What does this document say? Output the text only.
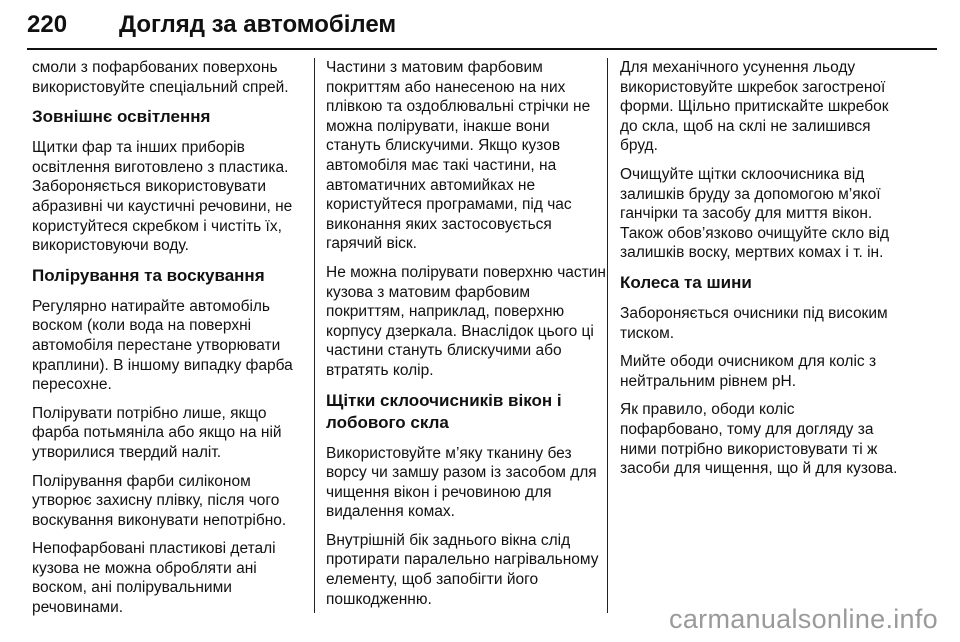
220 Догляд за автомобілем

смоли з пофарбованих поверхонь використовуйте спеціальний спрей.

Зовнішнє освітлення

Щитки фар та інших приборів освітлення виготовлено з пластика. Забороняється використовувати абразивні чи каустичні речовини, не користуйтеся скребком і чистіть їх, використовуючи воду.

Полірування та воскування

Регулярно натирайте автомобіль воском (коли вода на поверхні автомобіля перестане утворювати краплини). В іншому випадку фарба пересохне.

Полірувати потрібно лише, якщо фарба потьмяніла або якщо на ній утворилися твердий наліт.

Полірування фарби силіконом утворює захисну плівку, після чого воскування виконувати непотрібно.

Непофарбовані пластикові деталі кузова не можна обробляти ані воском, ані полірувальними речовинами.

Частини з матовим фарбовим покриттям або нанесеною на них плівкою та оздоблювальні стрічки не можна полірувати, інакше вони стануть блискучими. Якщо кузов автомобіля має такі частини, на автоматичних автомийках не користуйтеся програмами, під час виконання яких застосовується гарячий віск.

Не можна полірувати поверхню частин кузова з матовим фарбовим покриттям, наприклад, поверхню корпусу дзеркала. Внаслідок цього ці частини стануть блискучими або втратять колір.

Щітки склоочисників вікон і лобового скла

Використовуйте м’яку тканину без ворсу чи замшу разом із засобом для чищення вікон і речовиною для видалення комах.

Внутрішній бік заднього вікна слід протирати паралельно нагрівальному елементу, щоб запобігти його пошкодженню.

Для механічного усунення льоду використовуйте шкребок загостреної форми. Щільно притискайте шкребок до скла, щоб на склі не залишився бруд.

Очищуйте щітки склоочисника від залишків бруду за допомогою м’якої ганчірки та засобу для миття вікон. Також обов’язково очищуйте скло від залишків воску, мертвих комах і т. ін.

Колеса та шини

Забороняється очисники під високим тиском.

Мийте ободи очисником для коліс з нейтральним рівнем pH.

Як правило, ободи коліс пофарбовано, тому для догляду за ними потрібно використовувати ті ж засоби для чищення, що й для кузова.

carmanualsonline.info
